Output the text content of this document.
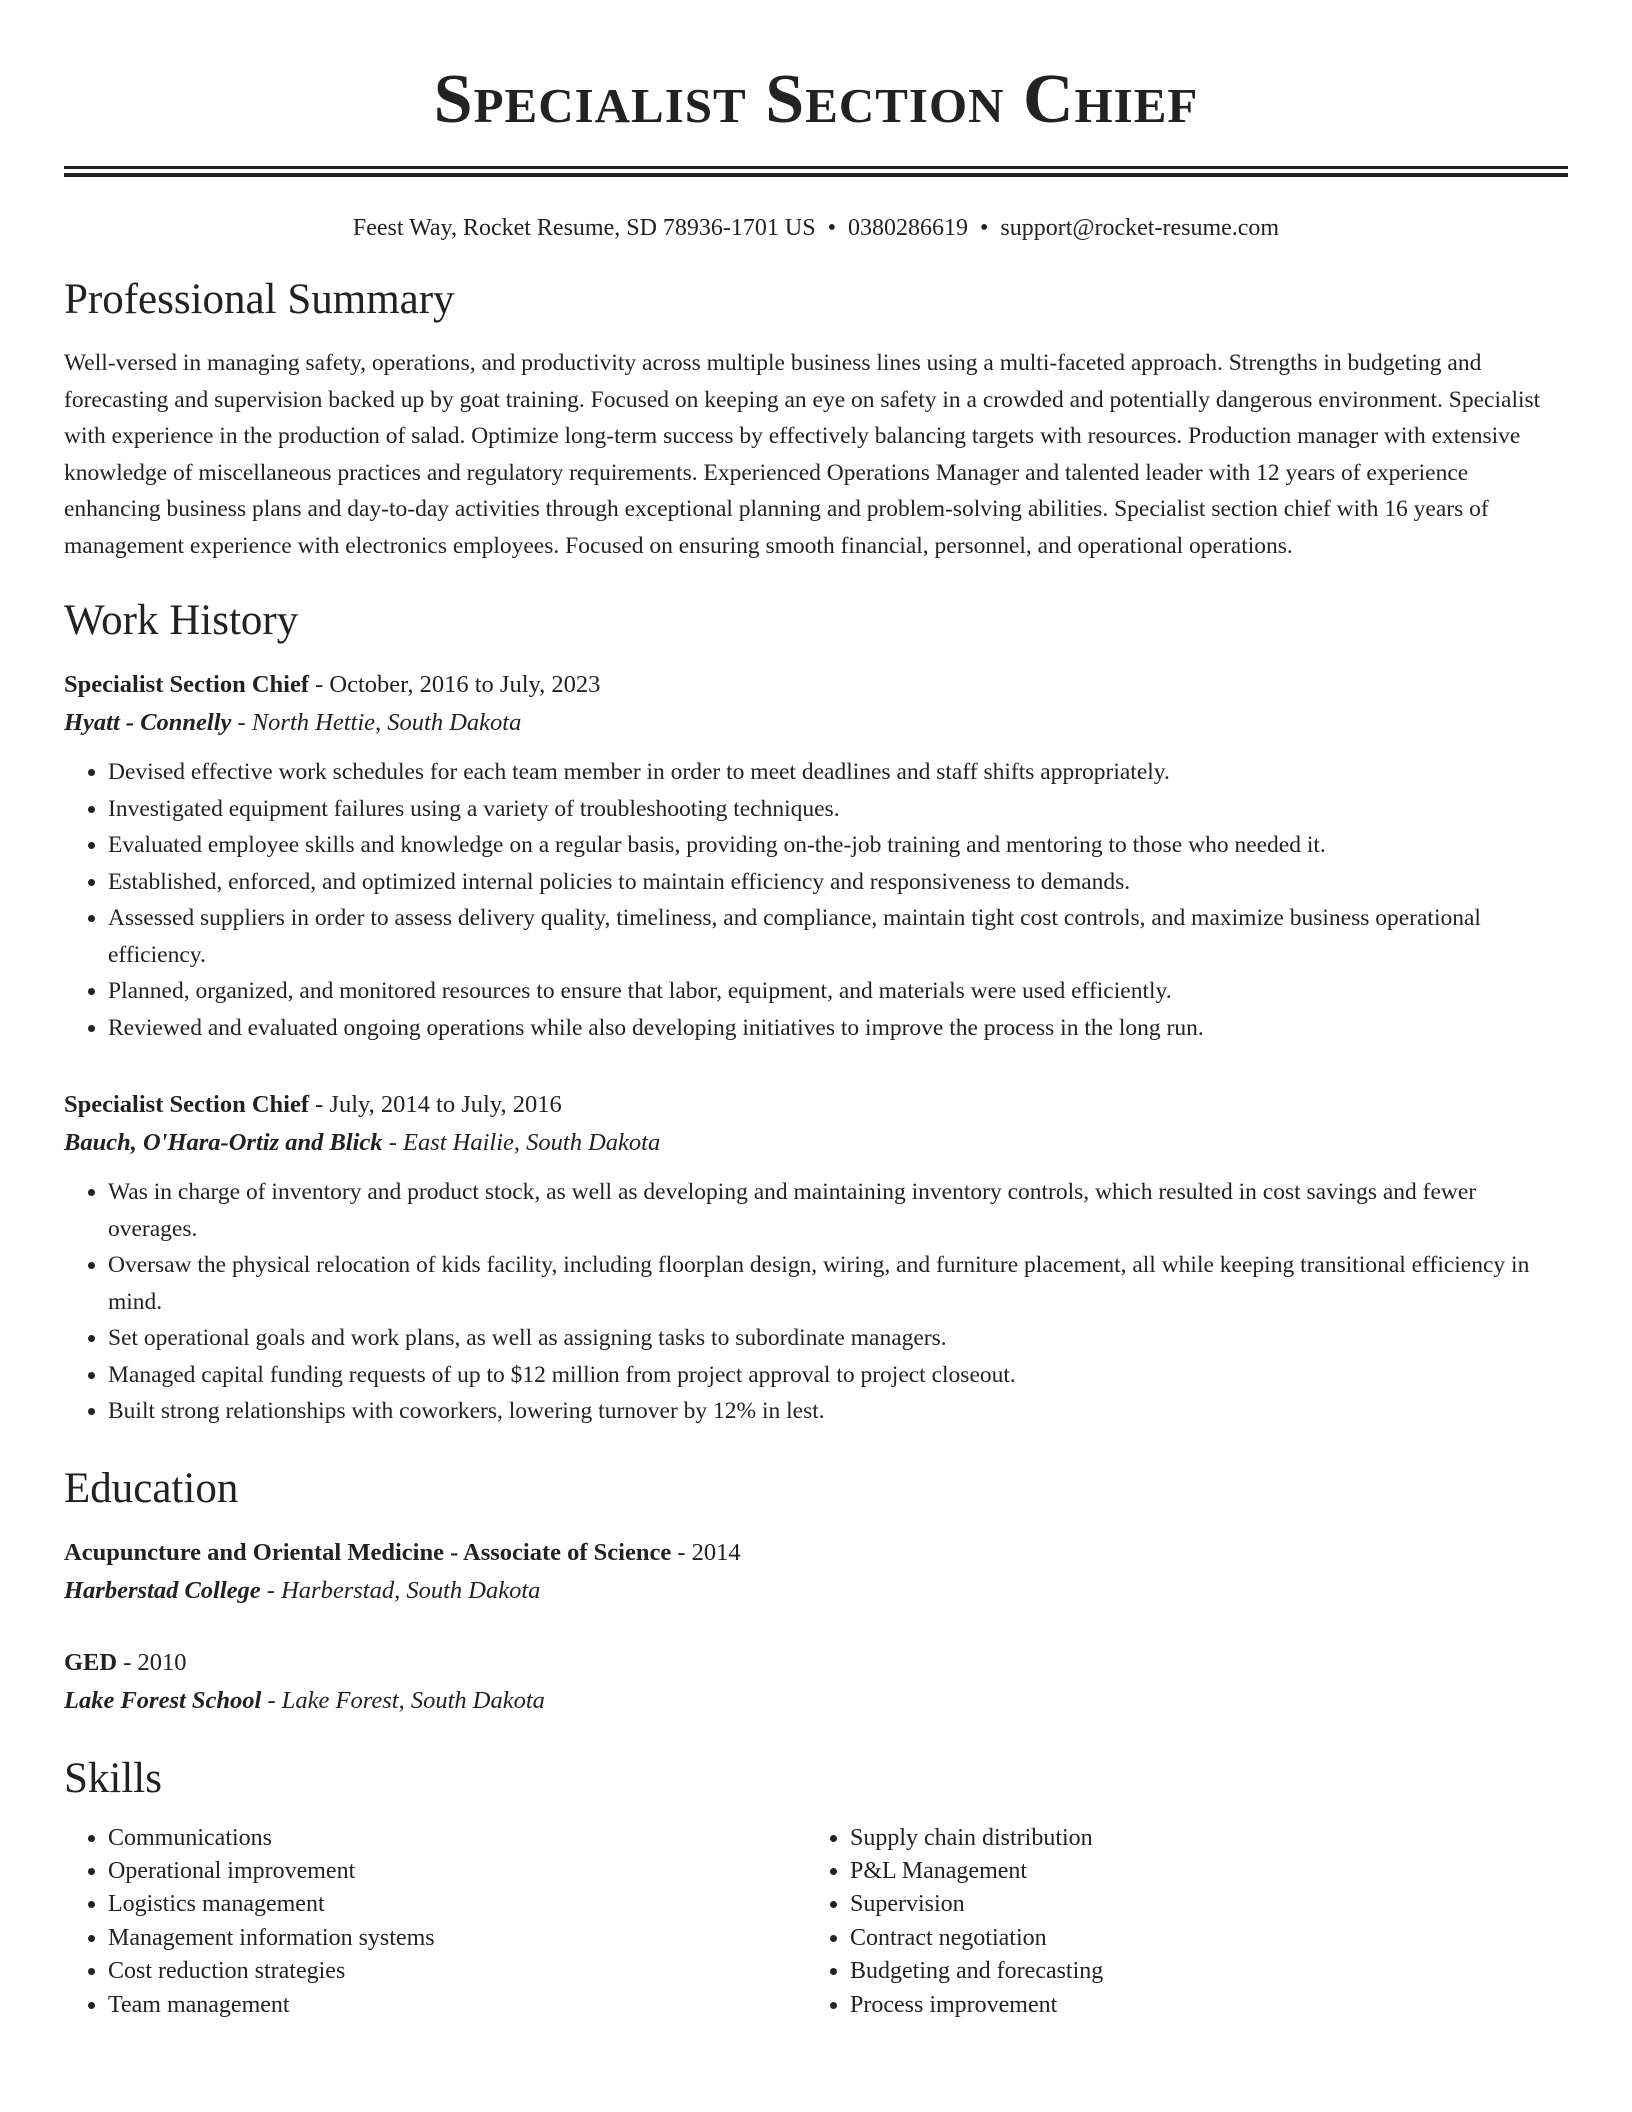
Specialist Section Chief
Feest Way, Rocket Resume, SD 78936-1701 US • 0380286619 • support@rocket-resume.com
Professional Summary
Well-versed in managing safety, operations, and productivity across multiple business lines using a multi-faceted approach. Strengths in budgeting and forecasting and supervision backed up by goat training. Focused on keeping an eye on safety in a crowded and potentially dangerous environment. Specialist with experience in the production of salad. Optimize long-term success by effectively balancing targets with resources. Production manager with extensive knowledge of miscellaneous practices and regulatory requirements. Experienced Operations Manager and talented leader with 12 years of experience enhancing business plans and day-to-day activities through exceptional planning and problem-solving abilities. Specialist section chief with 16 years of management experience with electronics employees. Focused on ensuring smooth financial, personnel, and operational operations.
Work History
Specialist Section Chief - October, 2016 to July, 2023
Hyatt - Connelly - North Hettie, South Dakota
• Devised effective work schedules for each team member in order to meet deadlines and staff shifts appropriately.
• Investigated equipment failures using a variety of troubleshooting techniques.
• Evaluated employee skills and knowledge on a regular basis, providing on-the-job training and mentoring to those who needed it.
• Established, enforced, and optimized internal policies to maintain efficiency and responsiveness to demands.
• Assessed suppliers in order to assess delivery quality, timeliness, and compliance, maintain tight cost controls, and maximize business operational efficiency.
• Planned, organized, and monitored resources to ensure that labor, equipment, and materials were used efficiently.
• Reviewed and evaluated ongoing operations while also developing initiatives to improve the process in the long run.
Specialist Section Chief - July, 2014 to July, 2016
Bauch, O'Hara-Ortiz and Blick - East Hailie, South Dakota
• Was in charge of inventory and product stock, as well as developing and maintaining inventory controls, which resulted in cost savings and fewer overages.
• Oversaw the physical relocation of kids facility, including floorplan design, wiring, and furniture placement, all while keeping transitional efficiency in mind.
• Set operational goals and work plans, as well as assigning tasks to subordinate managers.
• Managed capital funding requests of up to $12 million from project approval to project closeout.
• Built strong relationships with coworkers, lowering turnover by 12% in lest.
Education
Acupuncture and Oriental Medicine - Associate of Science - 2014
Harberstad College - Harberstad, South Dakota
GED - 2010
Lake Forest School - Lake Forest, South Dakota
Skills
• Communications
• Operational improvement
• Logistics management
• Management information systems
• Cost reduction strategies
• Team management
• Supply chain distribution
• P&L Management
• Supervision
• Contract negotiation
• Budgeting and forecasting
• Process improvement
